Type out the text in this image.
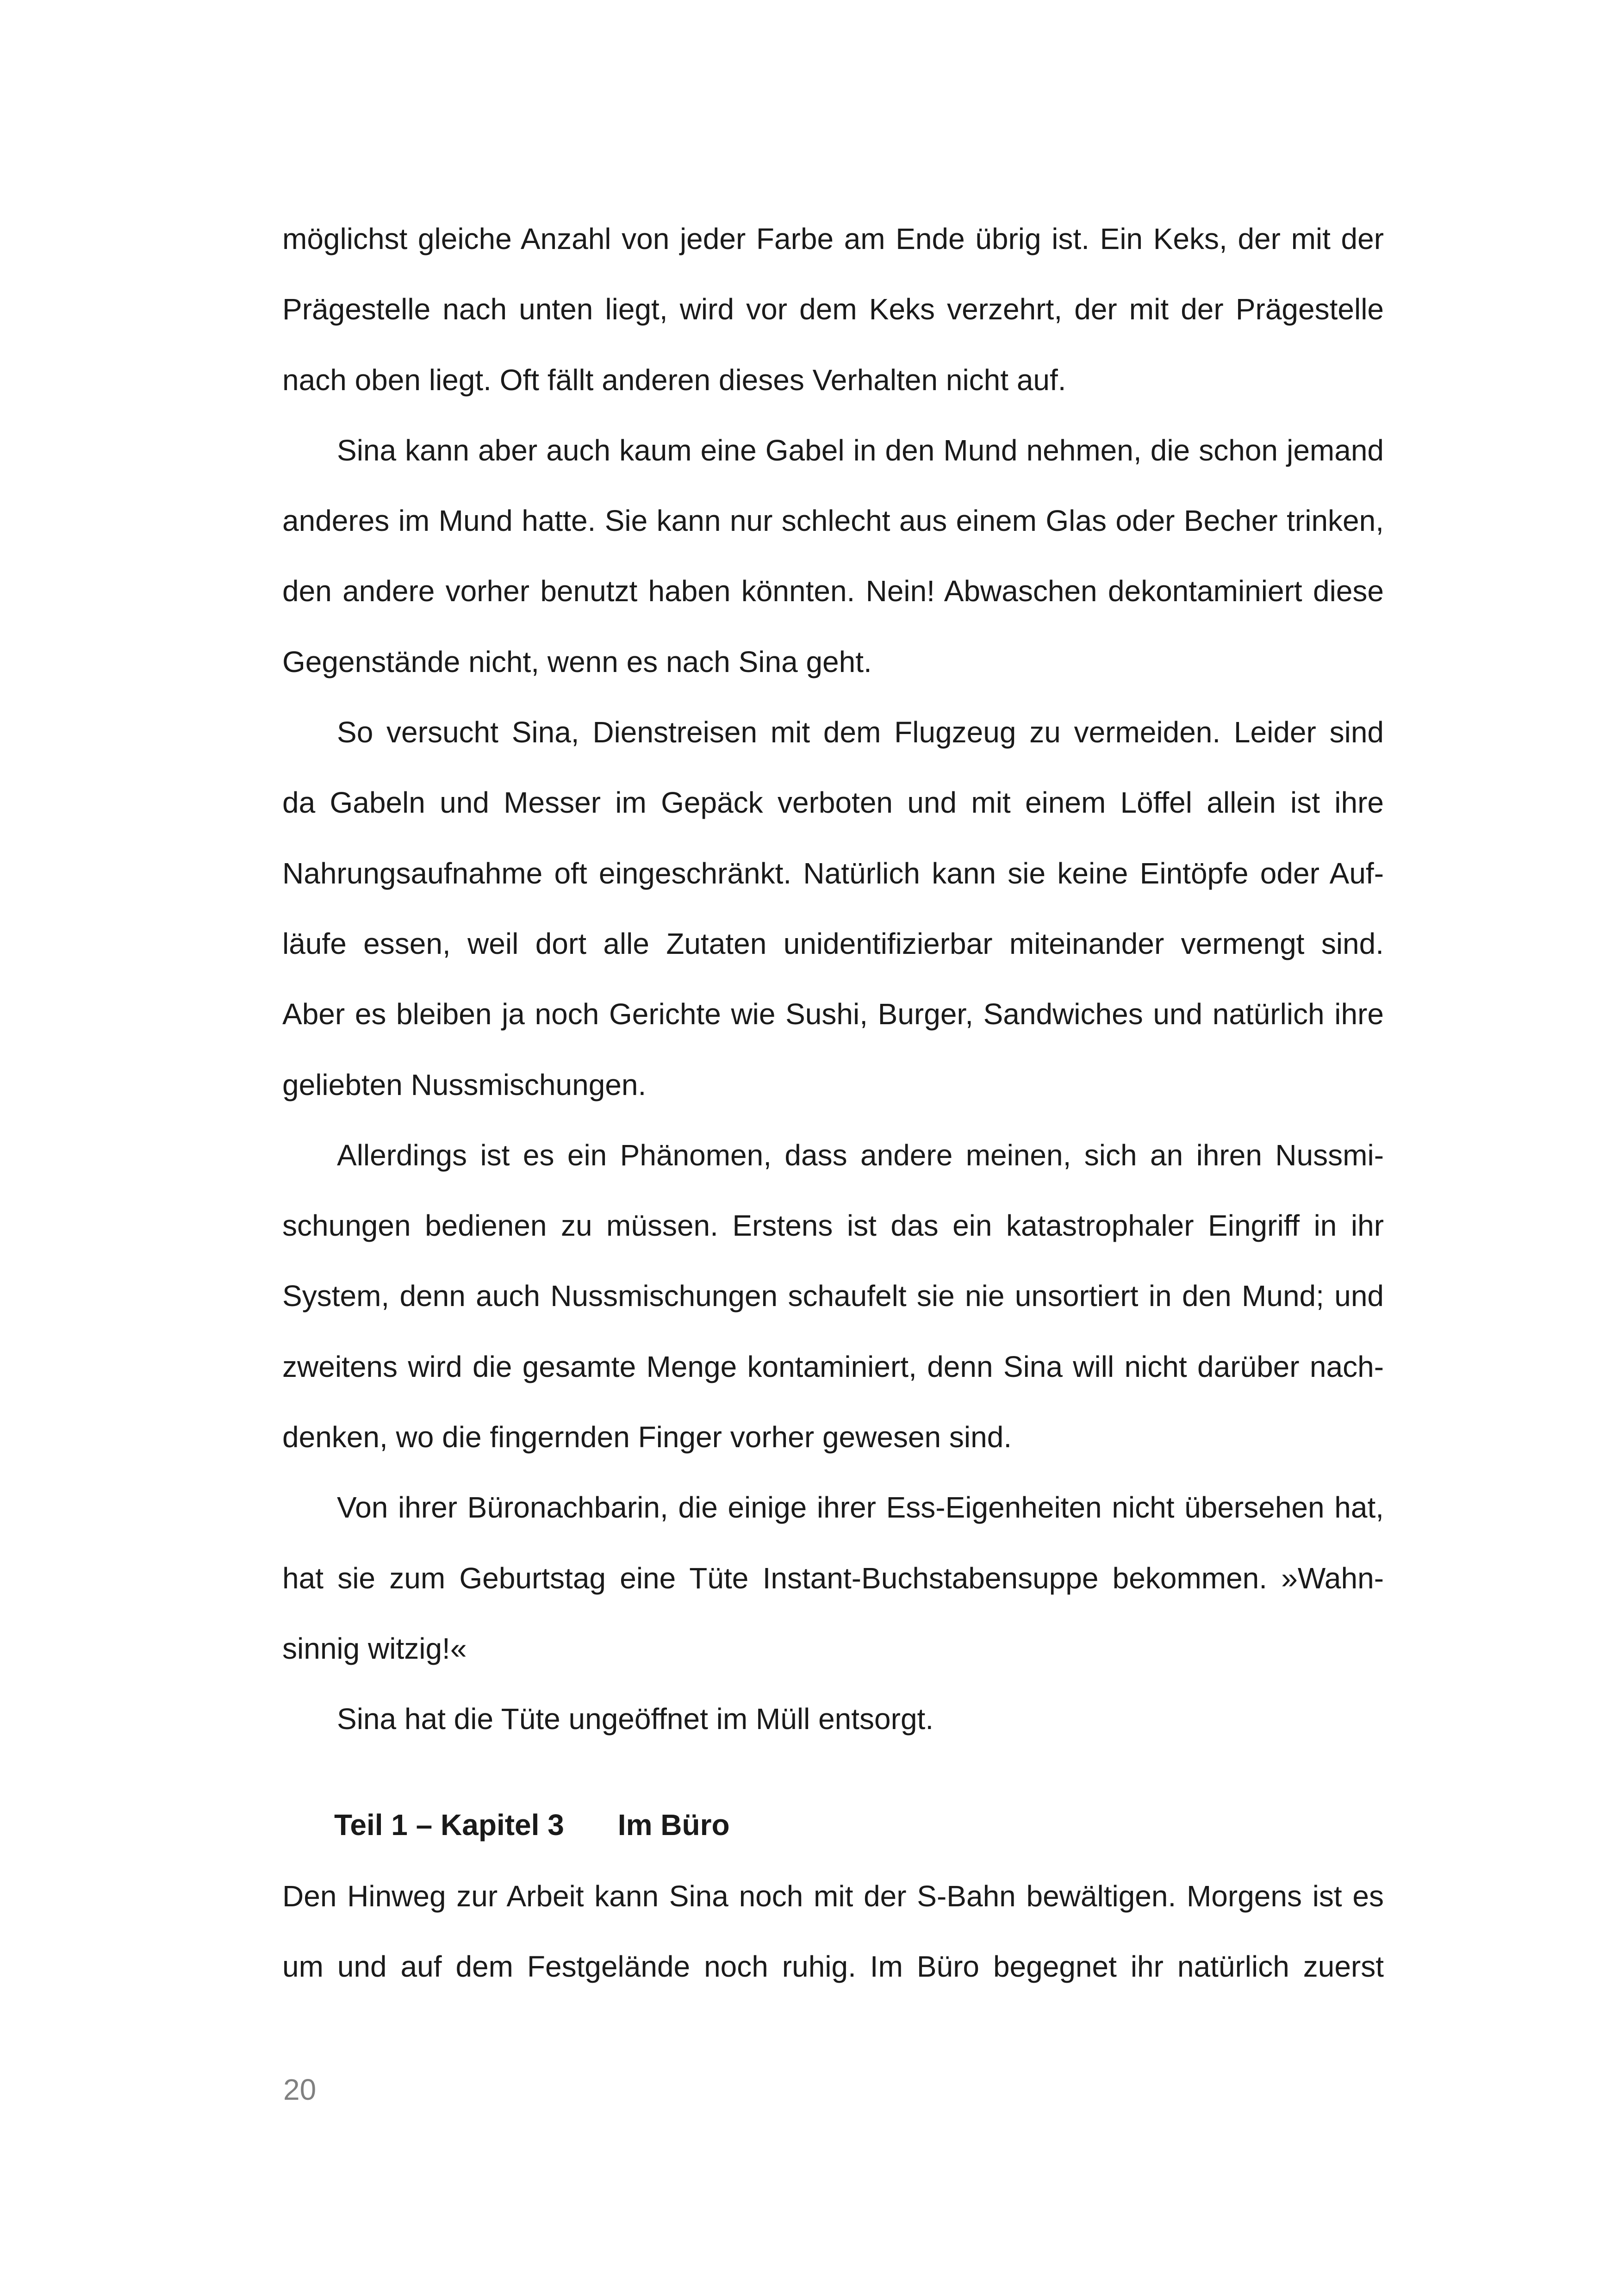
möglichst gleiche Anzahl von jeder Farbe am Ende übrig ist. Ein Keks, der mit der
Prägestelle nach unten liegt, wird vor dem Keks verzehrt, der mit der Prägestelle
nach oben liegt. Oft fällt anderen dieses Verhalten nicht auf.
Sina kann aber auch kaum eine Gabel in den Mund nehmen, die schon jemand
anderes im Mund hatte. Sie kann nur schlecht aus einem Glas oder Becher trinken,
den andere vorher benutzt haben könnten. Nein! Abwaschen dekontaminiert diese
Gegenstände nicht, wenn es nach Sina geht.
So versucht Sina, Dienstreisen mit dem Flugzeug zu vermeiden. Leider sind
da Gabeln und Messer im Gepäck verboten und mit einem Löffel allein ist ihre
Nahrungsaufnahme oft eingeschränkt. Natürlich kann sie keine Eintöpfe oder Auf-
läufe essen, weil dort alle Zutaten unidentifizierbar miteinander vermengt sind.
Aber es bleiben ja noch Gerichte wie Sushi, Burger, Sandwiches und natürlich ihre
geliebten Nussmischungen.
Allerdings ist es ein Phänomen, dass andere meinen, sich an ihren Nussmi-
schungen bedienen zu müssen. Erstens ist das ein katastrophaler Eingriff in ihr
System, denn auch Nussmischungen schaufelt sie nie unsortiert in den Mund; und
zweitens wird die gesamte Menge kontaminiert, denn Sina will nicht darüber nach-
denken, wo die fingernden Finger vorher gewesen sind.
Von ihrer Büronachbarin, die einige ihrer Ess-Eigenheiten nicht übersehen hat,
hat sie zum Geburtstag eine Tüte Instant-Buchstabensuppe bekommen. »Wahn-
sinnig witzig!«
Sina hat die Tüte ungeöffnet im Müll entsorgt.
Teil 1 – Kapitel 3 Im Büro
Den Hinweg zur Arbeit kann Sina noch mit der S-Bahn bewältigen. Morgens ist es
um und auf dem Festgelände noch ruhig. Im Büro begegnet ihr natürlich zuerst
20
